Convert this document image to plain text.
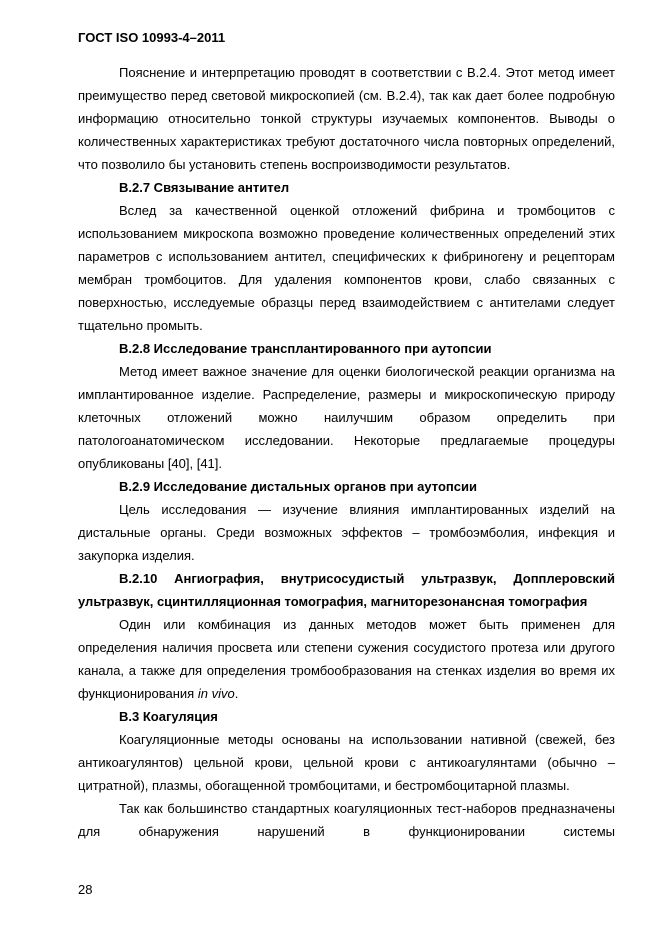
ГОСТ ISO 10993-4–2011

Пояснение и интерпретацию проводят в соответствии с В.2.4. Этот метод имеет преимущество перед световой микроскопией (см. В.2.4), так как дает более подробную информацию относительно тонкой структуры изучаемых компонентов. Выводы о количественных характеристиках требуют достаточного числа повторных определений, что позволило бы установить степень воспроизводимости результатов.

В.2.7 Связывание антител

Вслед за качественной оценкой отложений фибрина и тромбоцитов с использованием микроскопа возможно проведение количественных определений этих параметров с использованием антител, специфических к фибриногену и рецепторам мембран тромбоцитов. Для удаления компонентов крови, слабо связанных с поверхностью, исследуемые образцы перед взаимодействием с антителами следует тщательно промыть.

В.2.8 Исследование трансплантированного при аутопсии

Метод имеет важное значение для оценки биологической реакции организма на имплантированное изделие. Распределение, размеры и микроскопическую природу клеточных отложений можно наилучшим образом определить при патологоанатомическом исследовании. Некоторые предлагаемые процедуры опубликованы [40], [41].

В.2.9 Исследование дистальных органов при аутопсии

Цель исследования — изучение влияния имплантированных изделий на дистальные органы. Среди возможных эффектов – тромбоэмболия, инфекция и закупорка изделия.

В.2.10 Ангиография, внутрисосудистый ультразвук, Допплеровский ультразвук, сцинтилляционная томография, магниторезонансная томография

Один или комбинация из данных методов может быть применен для определения наличия просвета или степени сужения сосудистого протеза или другого канала, а также для определения тромбообразования на стенках изделия во время их функционирования in vivo.

В.3 Коагуляция

Коагуляционные методы основаны на использовании нативной (свежей, без антикоагулянтов) цельной крови, цельной крови с антикоагулянтами (обычно – цитратной), плазмы, обогащенной тромбоцитами, и бестромбоцитарной плазмы.

Так как большинство стандартных коагуляционных тест-наборов предназначены для обнаружения нарушений в функционировании системы

28
